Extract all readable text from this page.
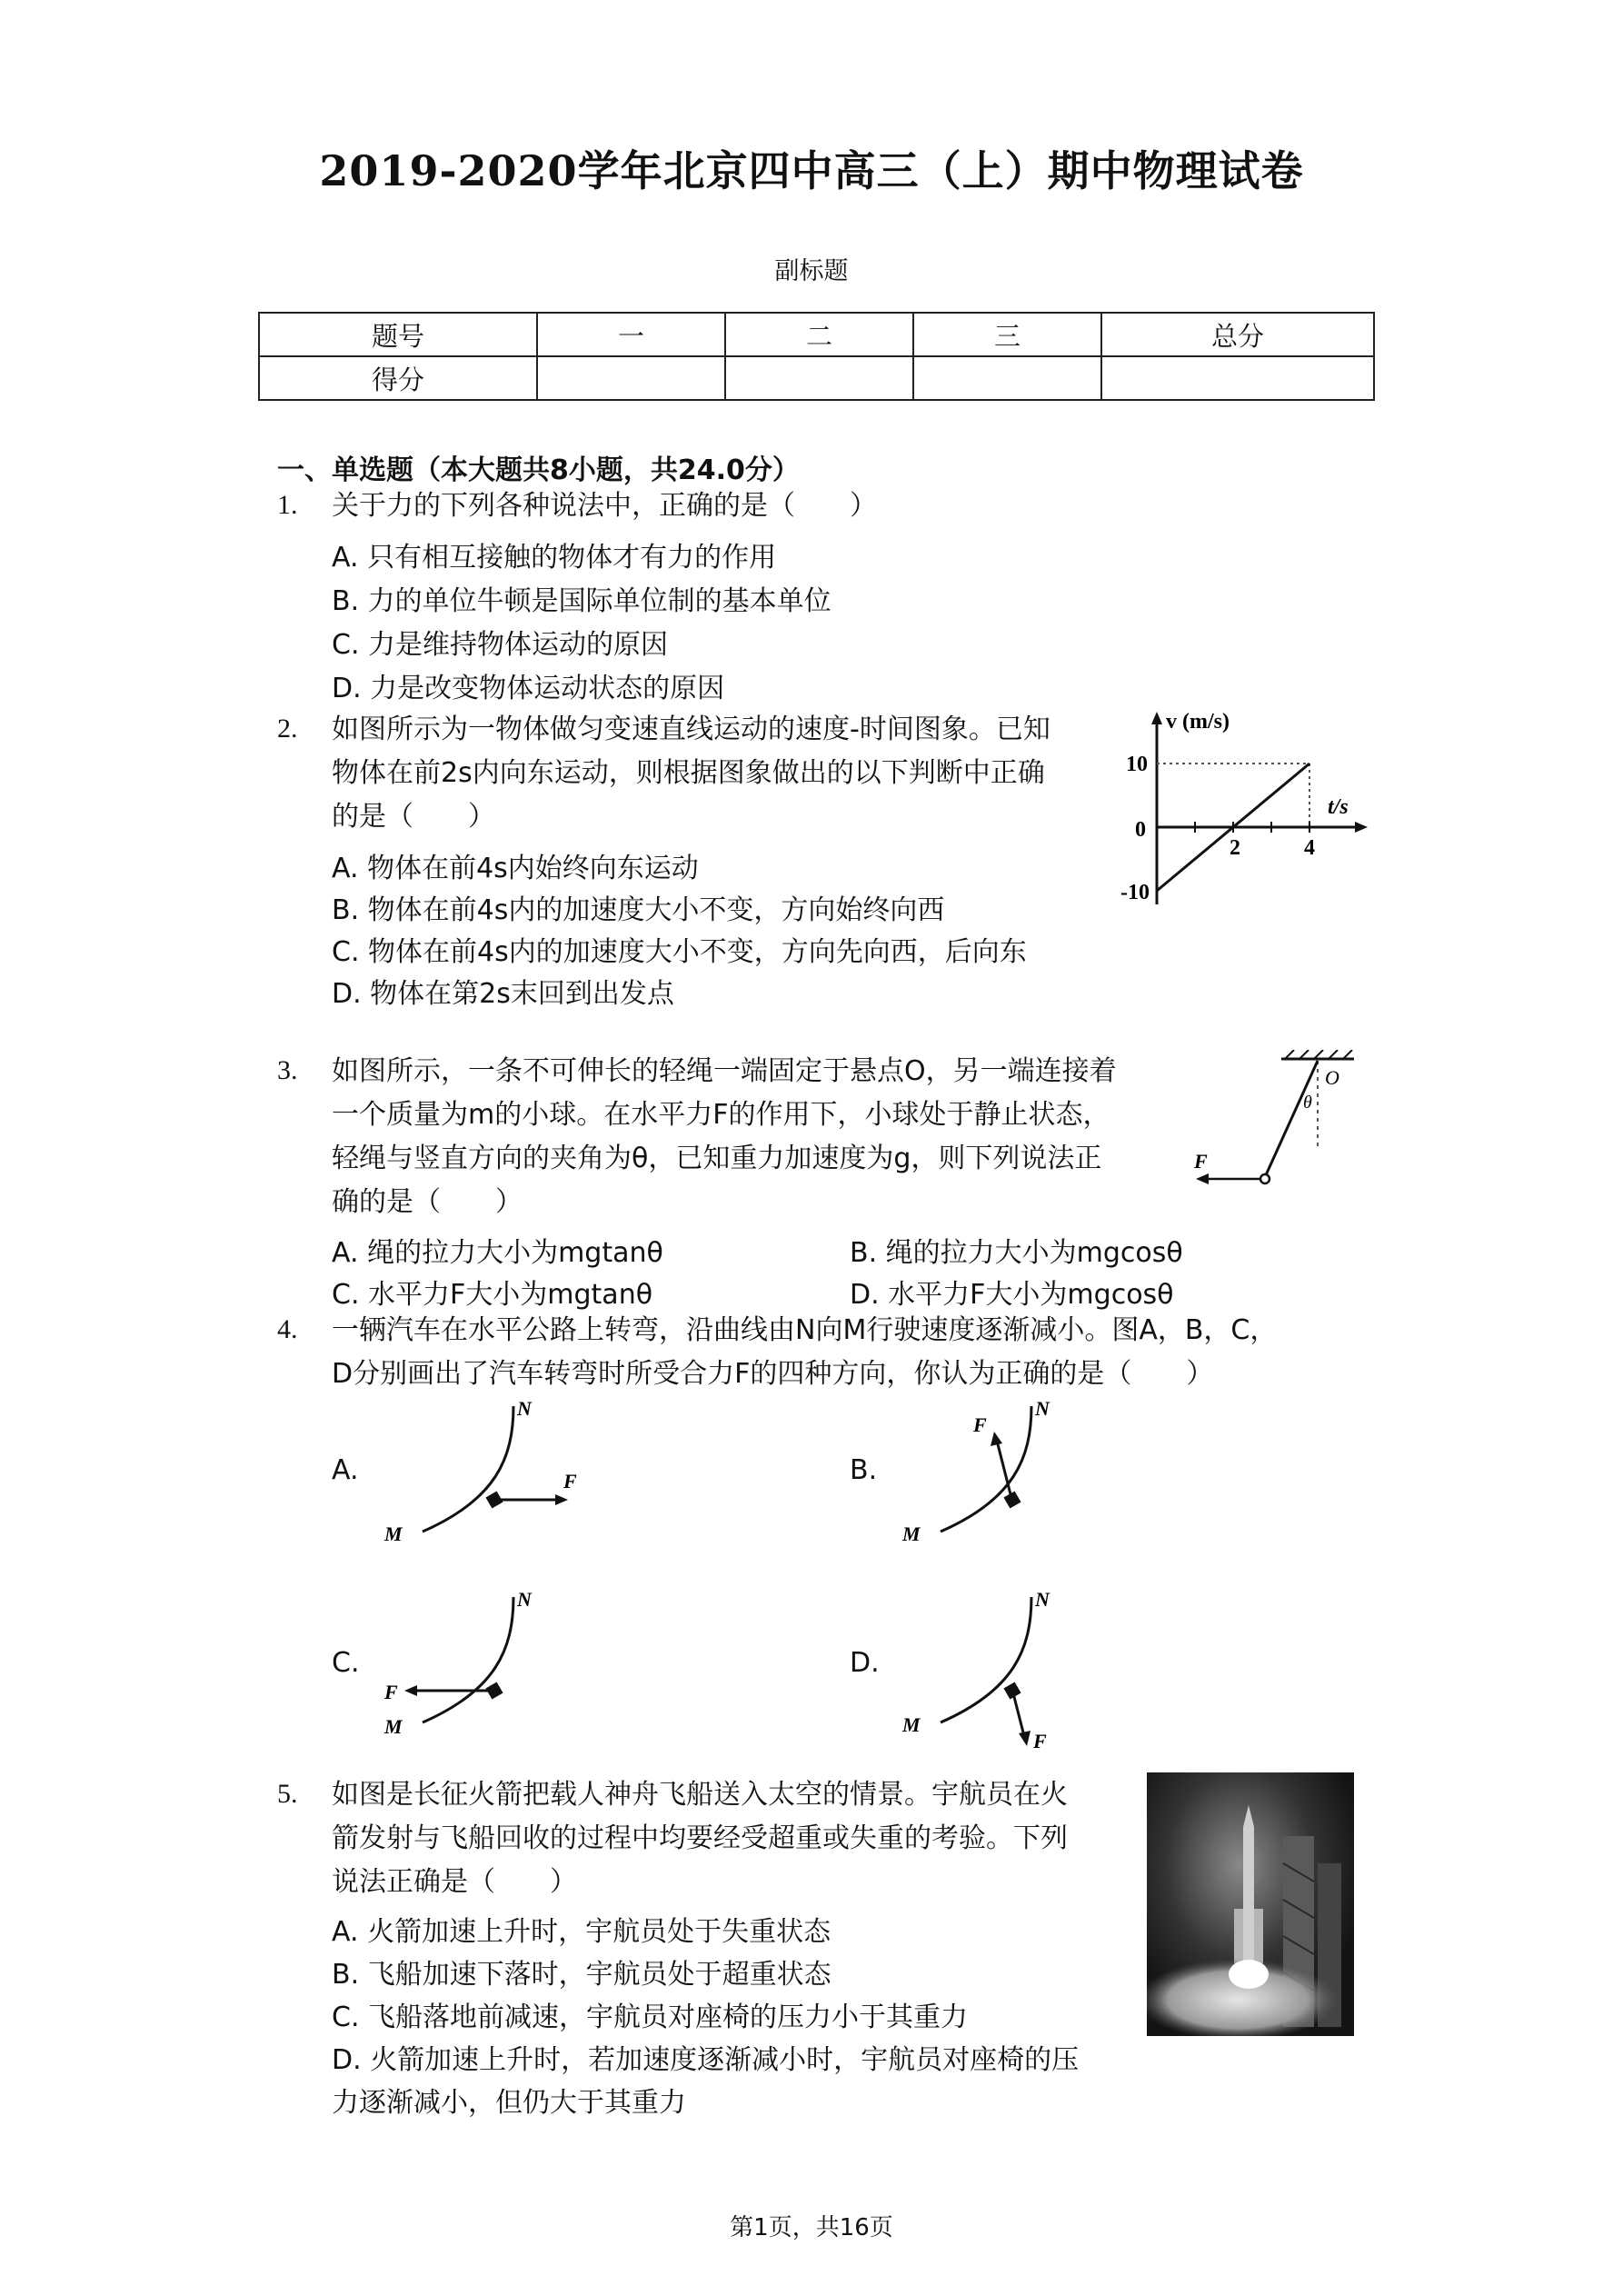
2019-2020学年北京四中高三（上）期中物理试卷
副标题
题号	一	二	三	总分
得分				
一、单选题（本大题共8小题，共24.0分）
1. 关于力的下列各种说法中，正确的是（　　）
A. 只有相互接触的物体才有力的作用
B. 力的单位牛顿是国际单位制的基本单位
C. 力是维持物体运动的原因
D. 力是改变物体运动状态的原因
2. 如图所示为一物体做匀变速直线运动的速度-时间图象。已知
物体在前2s内向东运动，则根据图象做出的以下判断中正确
的是（　　）
A. 物体在前4s内始终向东运动
B. 物体在前4s内的加速度大小不变，方向始终向西
C. 物体在前4s内的加速度大小不变，方向先向西，后向东
D. 物体在第2s末回到出发点
v (m/s)
t/s
10
0
-10
2	4
3. 如图所示，一条不可伸长的轻绳一端固定于悬点O，另一端连接着
一个质量为m的小球。在水平力F的作用下，小球处于静止状态，
轻绳与竖直方向的夹角为θ，已知重力加速度为g，则下列说法正
确的是（　　）
A. 绳的拉力大小为mgtanθ	B. 绳的拉力大小为mgcosθ
C. 水平力F大小为mgtanθ	D. 水平力F大小为mgcosθ
F
O
θ
4. 一辆汽车在水平公路上转弯，沿曲线由N向M行驶速度逐渐减小。图A，B，C，
D分别画出了汽车转弯时所受合力F的四种方向，你认为正确的是（　　）
A.	B.
C.	D.
N
M
F
N
M
F
N
M
F
N
M
F
5. 如图是长征火箭把载人神舟飞船送入太空的情景。宇航员在火
箭发射与飞船回收的过程中均要经受超重或失重的考验。下列
说法正确是（　　）
A. 火箭加速上升时，宇航员处于失重状态
B. 飞船加速下落时，宇航员处于超重状态
C. 飞船落地前减速，宇航员对座椅的压力小于其重力
D. 火箭加速上升时，若加速度逐渐减小时，宇航员对座椅的压
力逐渐减小，但仍大于其重力
第1页，共16页
